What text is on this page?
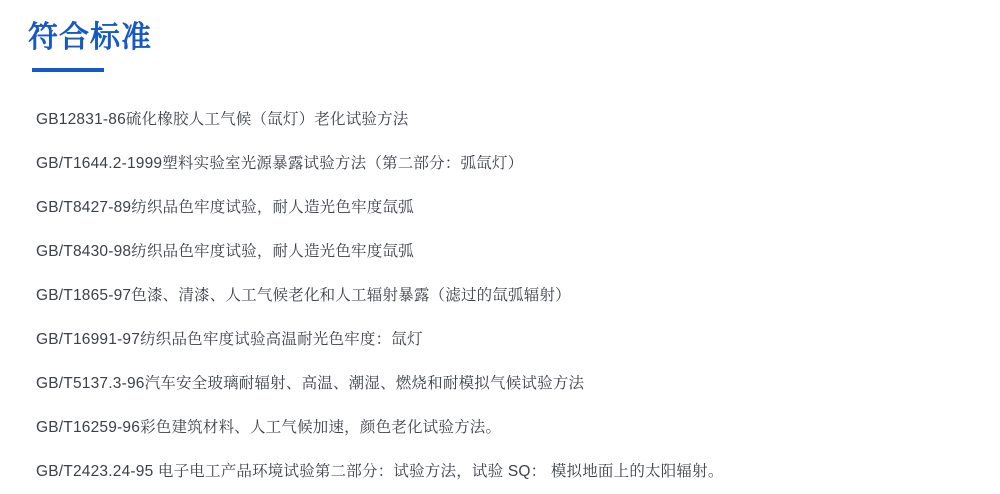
符合标准
GB12831-86硫化橡胶人工气候（氙灯）老化试验方法
GB/T1644.2-1999塑料实验室光源暴露试验方法（第二部分：弧氙灯）
GB/T8427-89纺织品色牢度试验，耐人造光色牢度氙弧
GB/T8430-98纺织品色牢度试验，耐人造光色牢度氙弧
GB/T1865-97色漆、清漆、人工气候老化和人工辐射暴露（滤过的氙弧辐射）
GB/T16991-97纺织品色牢度试验高温耐光色牢度：氙灯
GB/T5137.3-96汽车安全玻璃耐辐射、高温、潮湿、燃烧和耐模拟气候试验方法
GB/T16259-96彩色建筑材料、人工气候加速，颜色老化试验方法。
GB/T2423.24-95 电子电工产品环境试验第二部分：试验方法，试验 SQ： 模拟地面上的太阳辐射。
